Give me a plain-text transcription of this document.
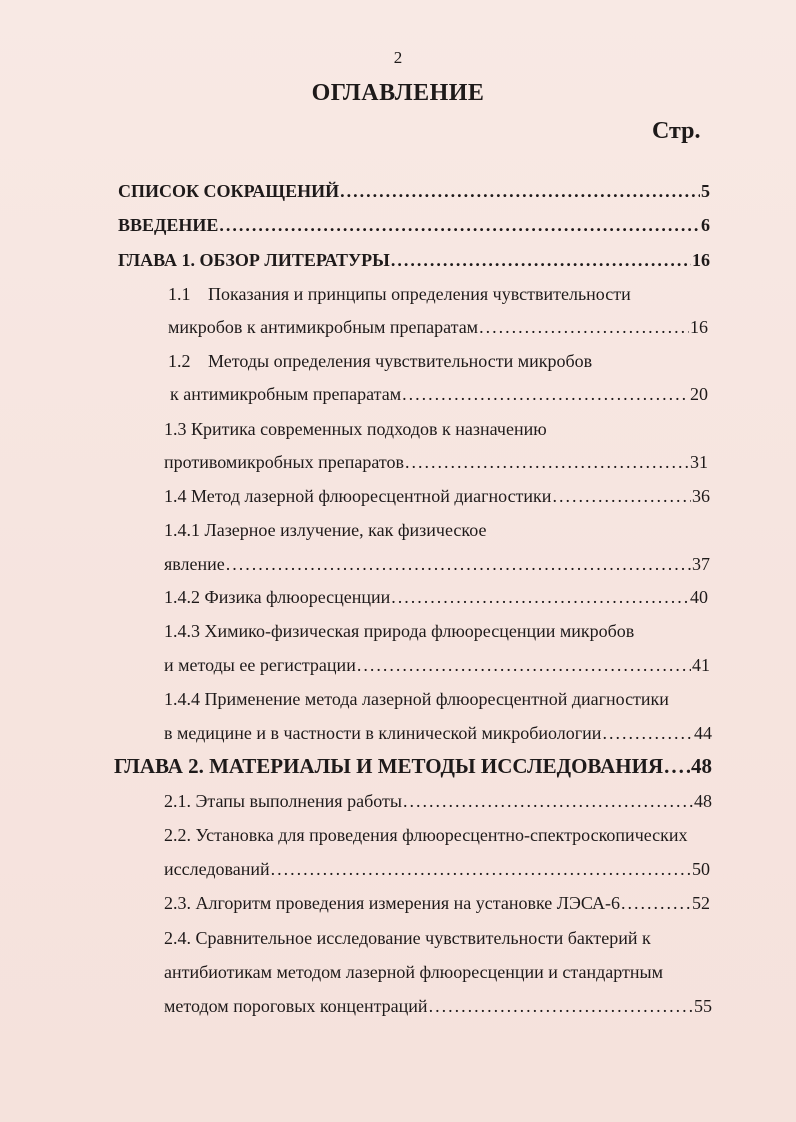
2
ОГЛАВЛЕНИЕ
Стр.
СПИСОК СОКРАЩЕНИЙ .....	5
ВВЕДЕНИЕ .....	6
ГЛАВА 1. ОБЗОР ЛИТЕРАТУРЫ .....	16
1.1 Показания и принципы определения чувствительности
микробов к антимикробным препаратам .....	16
1.2 Методы определения чувствительности микробов
к антимикробным препаратам .....	20
1.3 Критика современных подходов к назначению
противомикробных препаратов .....	31
1.4 Метод лазерной флюоресцентной диагностики .....	36
1.4.1 Лазерное излучение, как физическое
явление .....	37
1.4.2 Физика флюоресценции .....	40
1.4.3 Химико-физическая природа флюоресценции микробов
и методы ее регистрации .....	41
1.4.4 Применение метода лазерной флюоресцентной диагностики
в медицине и в частности в клинической микробиологии .....	44
ГЛАВА 2. МАТЕРИАЛЫ И МЕТОДЫ ИССЛЕДОВАНИЯ ..... 48
2.1. Этапы выполнения работы .....	48
2.2. Установка для проведения флюоресцентно-спектроскопических
исследований .....	50
2.3. Алгоритм проведения измерения на установке ЛЭСА-6 .....	52
2.4. Сравнительное исследование чувствительности бактерий к
антибиотикам методом лазерной флюоресценции и стандартным
методом пороговых концентраций .....	55
